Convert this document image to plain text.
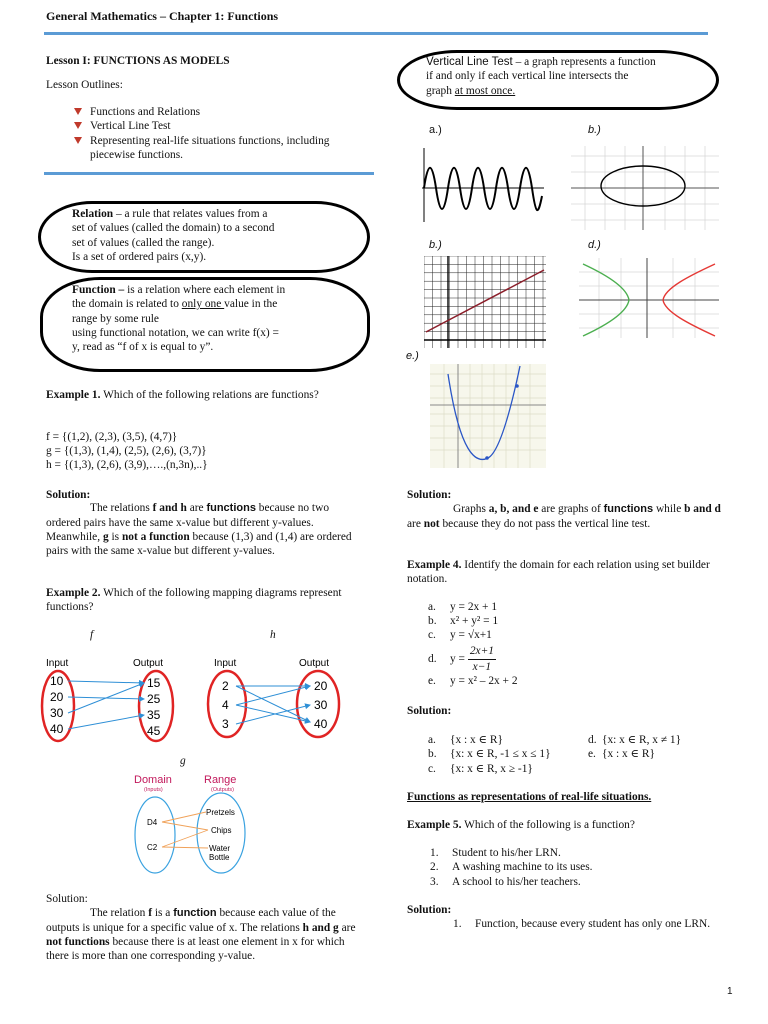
General Mathematics – Chapter 1: Functions
Lesson I: FUNCTIONS AS MODELS
Lesson Outlines:
Functions and Relations
Vertical Line Test
Representing real-life situations functions, including piecewise functions.
Relation – a rule that relates values from a
set of values (called the domain) to a second
set of values (called the range).
Is a set of ordered pairs (x,y).
Function – is a relation where each element in
the domain is related to only one value in the
range by some rule
using functional notation, we can write f(x) =
y, read as “f of x is equal to y”.
Example 1. Which of the following relations are functions?
f = {(1,2), (2,3), (3,5), (4,7)}
g = {(1,3), (1,4), (2,5), (2,6), (3,7)}
h = {(1,3), (2,6), (3,9),….,(n,3n),..}
Solution:
The relations f and h are functions because no two ordered pairs have the same x-value but different y-values. Meanwhile, g is not a function because (1,3) and (1,4) are ordered pairs with the same x-value but different y-values.
Example 2. Which of the following mapping diagrams represent functions?
f	h
Input	Output
10
20
30
40
15
25
35
45
Input	Output
2
4
3
20
30
40
g
Domain	Range
(Inputs)	(Outputs)
D4
C2
Pretzels
Chips
Water Bottle
Solution:
The relation f is a function because each value of the outputs is unique for a specific value of x. The relations h and g are not functions because there is at least one element in x for which there is more than one corresponding y-value.
Vertical Line Test – a graph represents a function
if and only if each vertical line intersects the
graph at most once.
a.)	b.)
b.)	d.)
e.)
Solution:
Graphs a, b, and e are graphs of functions while b and d are not because they do not pass the vertical line test.
Example 4. Identify the domain for each relation using set builder notation.
a. y = 2x + 1
b. x² + y² = 1
c. y = √x+1
d.	$y = \frac{2x+1}{x-1}$
e. y = x² – 2x + 2
Solution:
a. {x : x ∈ R}
b. {x: x ∈ R, -1 ≤ x ≤ 1}
c. {x: x ∈ R, x ≥ -1}
d. {x: x ∈ R, x ≠ 1}
e. {x : x ∈ R}
Functions as representations of real-life situations.
Example 5. Which of the following is a function?
1. Student to his/her LRN.
2. A washing machine to its uses.
3. A school to his/her teachers.
Solution:
1. Function, because every student has only one LRN.
1
